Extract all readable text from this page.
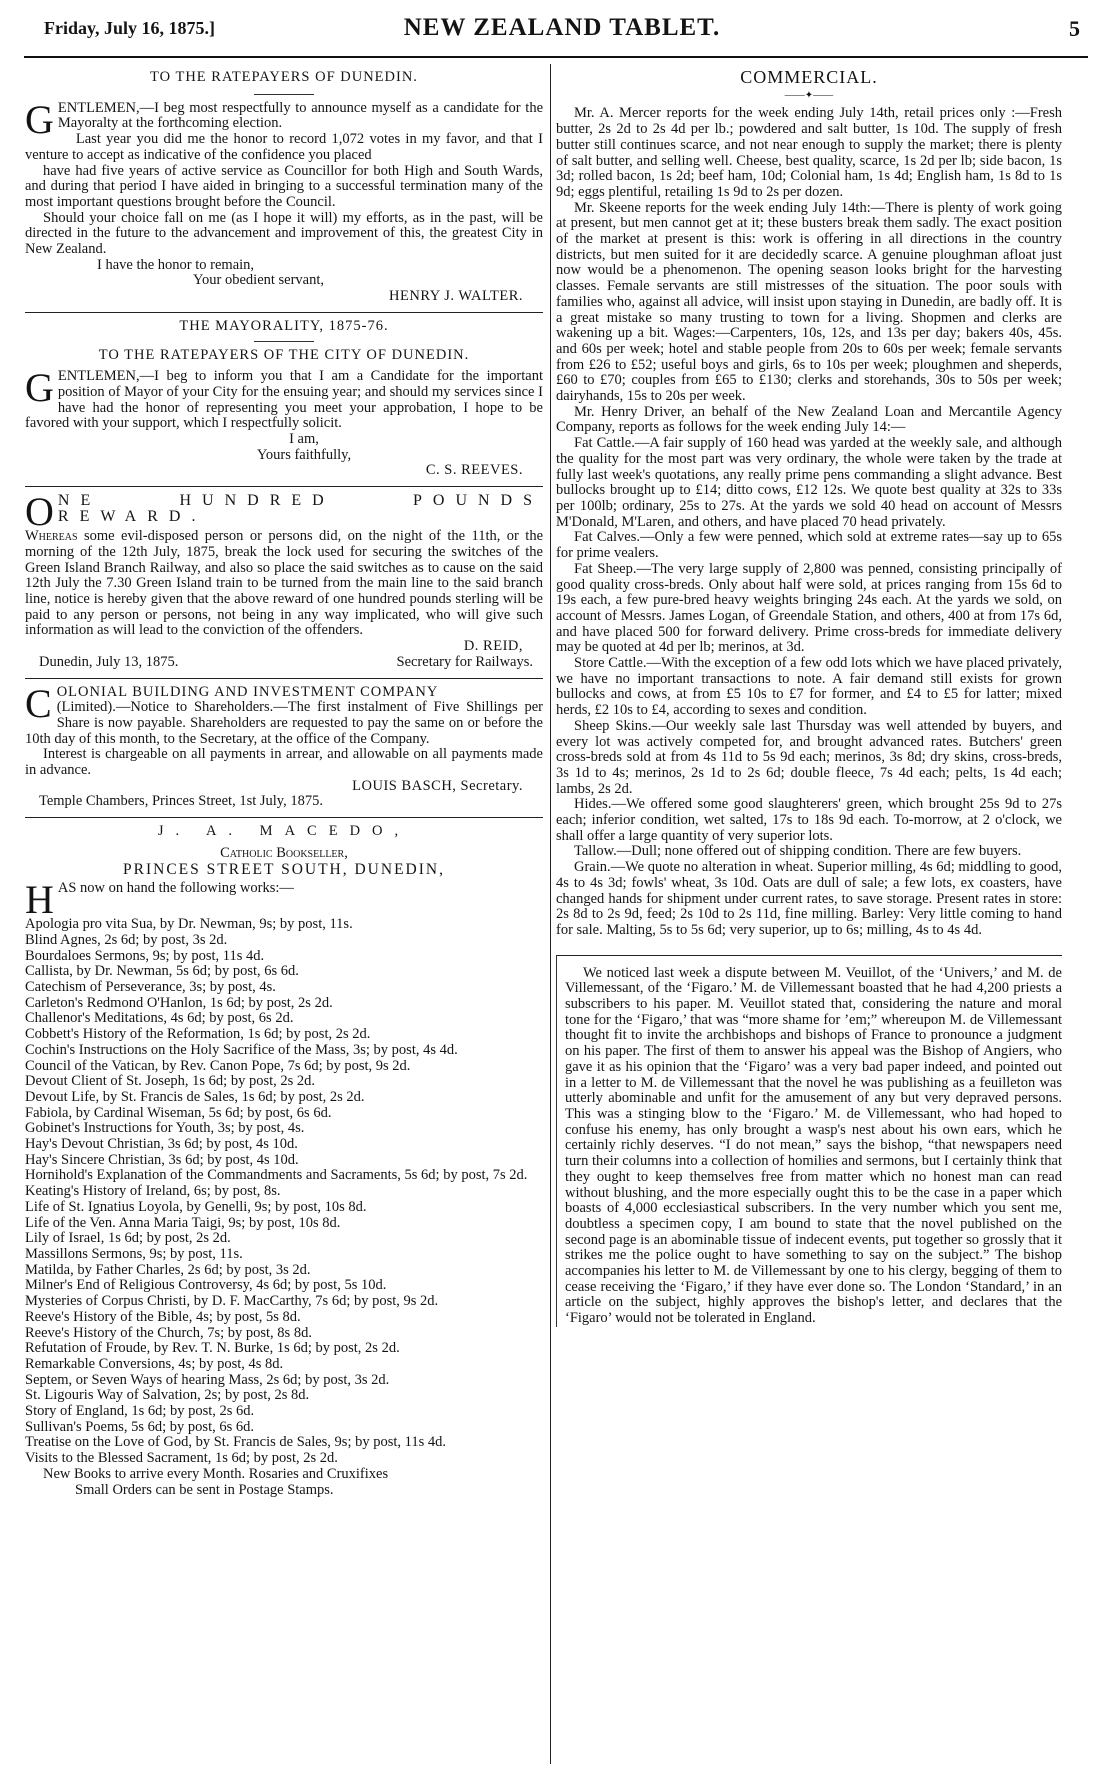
Friday, July 16, 1875.]	NEW ZEALAND TABLET.	5

TO THE RATEPAYERS OF DUNEDIN.

GENTLEMEN,—I beg most respectfully to announce myself as a candidate for the Mayoralty at the forthcoming election.

Last year you did me the honor to record 1,072 votes in my favor, and that I venture to accept as indicative of the confidence you placed

have had five years of active service as Councillor for both High and South Wards, and during that period I have aided in bringing to a successful termination many of the most important questions brought before the Council.

Should your choice fall on me (as I hope it will) my efforts, as in the past, will be directed in the future to the advancement and improvement of this, the greatest City in New Zealand.

I have the honor to remain,

Your obedient servant,

HENRY J. WALTER.

THE MAYORALITY, 1875-76.

TO THE RATEPAYERS OF THE CITY OF DUNEDIN.

GENTLEMEN,—I beg to inform you that I am a Candidate for the important position of Mayor of your City for the ensuing year; and should my services since I have had the honor of representing you meet your approbation, I hope to be favored with your support, which I respectfully solicit.

I am,

Yours faithfully,

C. S. REEVES.

ONE HUNDRED POUNDS REWARD.

Whereas some evil-disposed person or persons did, on the night of the 11th, or the morning of the 12th July, 1875, break the lock used for securing the switches of the Green Island Branch Railway, and also so place the said switches as to cause on the said 12th July the 7.30 Green Island train to be turned from the main line to the said branch line, notice is hereby given that the above reward of one hundred pounds sterling will be paid to any person or persons, not being in any way implicated, who will give such information as will lead to the conviction of the offenders.

D. REID,

Dunedin, July 13, 1875.	Secretary for Railways.

COLONIAL BUILDING AND INVESTMENT COMPANY

(Limited).—Notice to Shareholders.—The first instalment of Five Shillings per Share is now payable. Shareholders are requested to pay the same on or before the 10th day of this month, to the Secretary, at the office of the Company.

Interest is chargeable on all payments in arrear, and allowable on all payments made in advance.

LOUIS BASCH, Secretary.

Temple Chambers, Princes Street, 1st July, 1875.

J. A. MACEDO,

Catholic Bookseller,

PRINCES STREET SOUTH, DUNEDIN,

HAS now on hand the following works:—

Apologia pro vita Sua, by Dr. Newman, 9s; by post, 11s.

Blind Agnes, 2s 6d; by post, 3s 2d.

Bourdaloes Sermons, 9s; by post, 11s 4d.

Callista, by Dr. Newman, 5s 6d; by post, 6s 6d.

Catechism of Perseverance, 3s; by post, 4s.

Carleton's Redmond O'Hanlon, 1s 6d; by post, 2s 2d.

Challenor's Meditations, 4s 6d; by post, 6s 2d.

Cobbett's History of the Reformation, 1s 6d; by post, 2s 2d.

Cochin's Instructions on the Holy Sacrifice of the Mass, 3s; by post, 4s 4d.

Council of the Vatican, by Rev. Canon Pope, 7s 6d; by post, 9s 2d.

Devout Client of St. Joseph, 1s 6d; by post, 2s 2d.

Devout Life, by St. Francis de Sales, 1s 6d; by post, 2s 2d.

Fabiola, by Cardinal Wiseman, 5s 6d; by post, 6s 6d.

Gobinet's Instructions for Youth, 3s; by post, 4s.

Hay's Devout Christian, 3s 6d; by post, 4s 10d.

Hay's Sincere Christian, 3s 6d; by post, 4s 10d.

Hornihold's Explanation of the Commandments and Sacraments, 5s 6d; by post, 7s 2d.

Keating's History of Ireland, 6s; by post, 8s.

Life of St. Ignatius Loyola, by Genelli, 9s; by post, 10s 8d.

Life of the Ven. Anna Maria Taigi, 9s; by post, 10s 8d.

Lily of Israel, 1s 6d; by post, 2s 2d.

Massillons Sermons, 9s; by post, 11s.

Matilda, by Father Charles, 2s 6d; by post, 3s 2d.

Milner's End of Religious Controversy, 4s 6d; by post, 5s 10d.

Mysteries of Corpus Christi, by D. F. MacCarthy, 7s 6d; by post, 9s 2d.

Reeve's History of the Bible, 4s; by post, 5s 8d.

Reeve's History of the Church, 7s; by post, 8s 8d.

Refutation of Froude, by Rev. T. N. Burke, 1s 6d; by post, 2s 2d.

Remarkable Conversions, 4s; by post, 4s 8d.

Septem, or Seven Ways of hearing Mass, 2s 6d; by post, 3s 2d.

St. Ligouris Way of Salvation, 2s; by post, 2s 8d.

Story of England, 1s 6d; by post, 2s 6d.

Sullivan's Poems, 5s 6d; by post, 6s 6d.

Treatise on the Love of God, by St. Francis de Sales, 9s; by post, 11s 4d.

Visits to the Blessed Sacrament, 1s 6d; by post, 2s 2d.

New Books to arrive every Month. Rosaries and Cruxifixes

Small Orders can be sent in Postage Stamps.

COMMERCIAL.

——✦——

Mr. A. Mercer reports for the week ending July 14th, retail prices only :—Fresh butter, 2s 2d to 2s 4d per lb.; powdered and salt butter, 1s 10d. The supply of fresh butter still continues scarce, and not near enough to supply the market; there is plenty of salt butter, and selling well. Cheese, best quality, scarce, 1s 2d per lb; side bacon, 1s 3d; rolled bacon, 1s 2d; beef ham, 10d; Colonial ham, 1s 4d; English ham, 1s 8d to 1s 9d; eggs plentiful, retailing 1s 9d to 2s per dozen.

Mr. Skeene reports for the week ending July 14th:—There is plenty of work going at present, but men cannot get at it; these busters break them sadly. The exact position of the market at present is this: work is offering in all directions in the country districts, but men suited for it are decidedly scarce. A genuine ploughman afloat just now would be a phenomenon. The opening season looks bright for the harvesting classes. Female servants are still mistresses of the situation. The poor souls with families who, against all advice, will insist upon staying in Dunedin, are badly off. It is a great mistake so many trusting to town for a living. Shopmen and clerks are wakening up a bit. Wages:—Carpenters, 10s, 12s, and 13s per day; bakers 40s, 45s. and 60s per week; hotel and stable people from 20s to 60s per week; female servants from £26 to £52; useful boys and girls, 6s to 10s per week; ploughmen and sheperds, £60 to £70; couples from £65 to £130; clerks and storehands, 30s to 50s per week; dairyhands, 15s to 20s per week.

Mr. Henry Driver, an behalf of the New Zealand Loan and Mercantile Agency Company, reports as follows for the week ending July 14:—

Fat Cattle.—A fair supply of 160 head was yarded at the weekly sale, and although the quality for the most part was very ordinary, the whole were taken by the trade at fully last week's quotations, any really prime pens commanding a slight advance. Best bullocks brought up to £14; ditto cows, £12 12s. We quote best quality at 32s to 33s per 100lb; ordinary, 25s to 27s. At the yards we sold 40 head on account of Messrs M'Donald, M'Laren, and others, and have placed 70 head privately.

Fat Calves.—Only a few were penned, which sold at extreme rates—say up to 65s for prime vealers.

Fat Sheep.—The very large supply of 2,800 was penned, consisting principally of good quality cross-breds. Only about half were sold, at prices ranging from 15s 6d to 19s each, a few pure-bred heavy weights bringing 24s each. At the yards we sold, on account of Messrs. James Logan, of Greendale Station, and others, 400 at from 17s 6d, and have placed 500 for forward delivery. Prime cross-breds for immediate delivery may be quoted at 4d per lb; merinos, at 3d.

Store Cattle.—With the exception of a few odd lots which we have placed privately, we have no important transactions to note. A fair demand still exists for grown bullocks and cows, at from £5 10s to £7 for former, and £4 to £5 for latter; mixed herds, £2 10s to £4, according to sexes and condition.

Sheep Skins.—Our weekly sale last Thursday was well attended by buyers, and every lot was actively competed for, and brought advanced rates. Butchers' green cross-breds sold at from 4s 11d to 5s 9d each; merinos, 3s 8d; dry skins, cross-breds, 3s 1d to 4s; merinos, 2s 1d to 2s 6d; double fleece, 7s 4d each; pelts, 1s 4d each; lambs, 2s 2d.

Hides.—We offered some good slaughterers' green, which brought 25s 9d to 27s each; inferior condition, wet salted, 17s to 18s 9d each. To-morrow, at 2 o'clock, we shall offer a large quantity of very superior lots.

Tallow.—Dull; none offered out of shipping condition. There are few buyers.

Grain.—We quote no alteration in wheat. Superior milling, 4s 6d; middling to good, 4s to 4s 3d; fowls' wheat, 3s 10d. Oats are dull of sale; a few lots, ex coasters, have changed hands for shipment under current rates, to save storage. Present rates in store: 2s 8d to 2s 9d, feed; 2s 10d to 2s 11d, fine milling. Barley: Very little coming to hand for sale. Malting, 5s to 5s 6d; very superior, up to 6s; milling, 4s to 4s 4d.

We noticed last week a dispute between M. Veuillot, of the ‘Univers,’ and M. de Villemessant, of the ‘Figaro.’ M. de Villemessant boasted that he had 4,200 priests a subscribers to his paper. M. Veuillot stated that, considering the nature and moral tone for the ‘Figaro,’ that was “more shame for ’em;” whereupon M. de Villemessant thought fit to invite the archbishops and bishops of France to pronounce a judgment on his paper. The first of them to answer his appeal was the Bishop of Angiers, who gave it as his opinion that the ‘Figaro’ was a very bad paper indeed, and pointed out in a letter to M. de Villemessant that the novel he was publishing as a feuilleton was utterly abominable and unfit for the amusement of any but very depraved persons. This was a stinging blow to the ‘Figaro.’ M. de Villemessant, who had hoped to confuse his enemy, has only brought a wasp's nest about his own ears, which he certainly richly deserves. “I do not mean,” says the bishop, “that newspapers need turn their columns into a collection of homilies and sermons, but I certainly think that they ought to keep themselves free from matter which no honest man can read without blushing, and the more especially ought this to be the case in a paper which boasts of 4,000 ecclesiastical subscribers. In the very number which you sent me, doubtless a specimen copy, I am bound to state that the novel published on the second page is an abominable tissue of indecent events, put together so grossly that it strikes me the police ought to have something to say on the subject.” The bishop accompanies his letter to M. de Villemessant by one to his clergy, begging of them to cease receiving the ‘Figaro,’ if they have ever done so. The London ‘Standard,’ in an article on the subject, highly approves the bishop's letter, and declares that the ‘Figaro’ would not be tolerated in England.
